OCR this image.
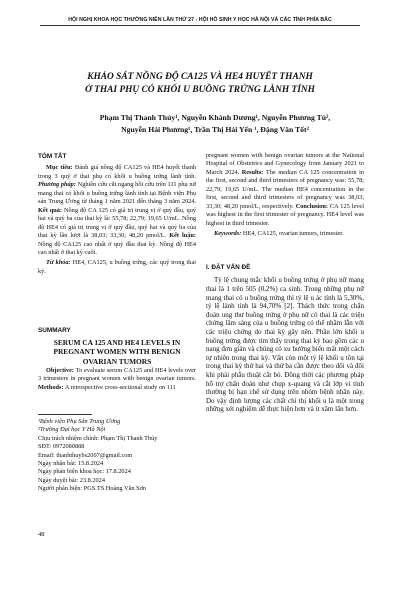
HỘI NGHỊ KHOA HỌC THƯỜNG NIÊN LẦN THỨ 27 - HỘI HỖ SINH Y HỌC HÀ NỘI VÀ CÁC TỈNH PHÍA BẮC
KHẢO SÁT NỒNG ĐỘ CA125 VÀ HE4 HUYẾT THANH
Ở THAI PHỤ CÓ KHỐI U BUỒNG TRỨNG LÀNH TÍNH
Phạm Thị Thanh Thủy¹, Nguyễn Khánh Dương¹, Nguyễn Phương Tú²,
Nguyễn Hải Phương¹, Trần Thị Hải Yến ¹, Đặng Văn Tốt²
TÓM TẮT
Mục tiêu: Đánh giá nồng độ CA125 và HE4 huyết thanh trong 3 quý ở thai phụ có khối u buồng trứng lành tính. Phương pháp: Nghiên cứu cắt ngang hồi cứu trên 111 phụ nữ mang thai có khối u buồng trứng lành tính tại Bệnh viện Phụ sản Trung Ương từ tháng 1 năm 2021 đến tháng 3 năm 2024. Kết quả: Nồng độ CA 125 có giá trị trung vị ở quý đầu, quý hai và quý ba của thai kỳ là: 55,78; 22,79; 19,65 U/mL. Nồng độ HE4 có giá trị trung vị ở quý đầu, quý hai và quý ba của thai kỳ lần lượt là 38,03; 33,30; 48,20 pmol/L. Kết luận: Nồng độ CA125 cao nhất ở quý đầu thai kỳ. Nồng độ HE4 cao nhất ở thai kỳ cuối.
Từ khóa: HE4, CA125, u buồng trứng, các quý trong thai kỳ.
SUMMARY
SERUM CA 125 AND HE4 LEVELS IN PREGNANT WOMEN WITH BENIGN OVARIAN TUMORS
Objective: To evaluate serum CA125 and HE4 levels over 3 trimesters in pregnant women with benign ovarian tumors. Methods: A retrospective cross-sectional study on 111

¹Bệnh viện Phụ Sản Trung Ương

²Trường Đại học Y Hà Nội

Chịu trách nhiệm chính: Phạm Thị Thanh Thủy

SĐT: 0972080888

Email: thanhthuybs2007@gmail.com

Ngày nhận bài: 15.8.2024

Ngày phản biện khoa học: 17.8.2024

Ngày duyệt bài: 23.8.2024

Người phản biện: PGS.TS Hoàng Văn Sơn

pregnant women with benign ovarian tumors at the National Hospital of Obstetrics and Gynecology from January 2021 to March 2024. Results: The median CA 125 concentration in the first, second and third trimesters of pregnancy was: 55,78; 22,79; 19,65 U/mL. The median HE4 concentration in the first, second and third trimesters of pregnancy was 38,03; 33,30; 48,20 pmol/L, respectively. Conclusion: CA 125 level was highest in the first trimester of pregnancy. HE4 level was highest in third trimester.
Keywords: HE4, CA125, ovarian tumors, trimester.
I. ĐẶT VẤN ĐỀ
Tỷ lệ chung mắc khối u buồng trứng ở phụ nữ mang thai là 1 trên 505 (0,2%) ca sinh. Trong những phụ nữ mang thai có u buồng trứng thì tỷ lệ u ác tính là 5,30%, tỷ lệ lành tính là 94,70% [2]. Thách thức trong chẩn đoán ung thư buồng trứng ở phụ nữ có thai là các triệu chứng lâm sàng của u buồng trứng có thể nhầm lẫn với các triệu chứng do thai kỳ gây nên. Phần lớn khối u buồng trứng được tìm thấy trong thai kỳ bao gồm các u nang đơn giản và chúng có xu hướng biến mất một cách tự nhiên trong thai kỳ. Vấn còn một tỷ lệ khối u tồn tại trong thai kỳ thứ hai và thứ ba cần được theo dõi và đôi khi phải phẫu thuật cắt bỏ. Đồng thời các phương pháp hỗ trợ chẩn đoán như chụp x-quang và cắt lớp vi tính thường bị hạn chế sử dụng trên nhóm bệnh nhân này. Do vậy định lượng các chất chỉ thị khối u là một trong những xét nghiệm dễ thực hiện hơn và ít xâm lấn hơn.
48
